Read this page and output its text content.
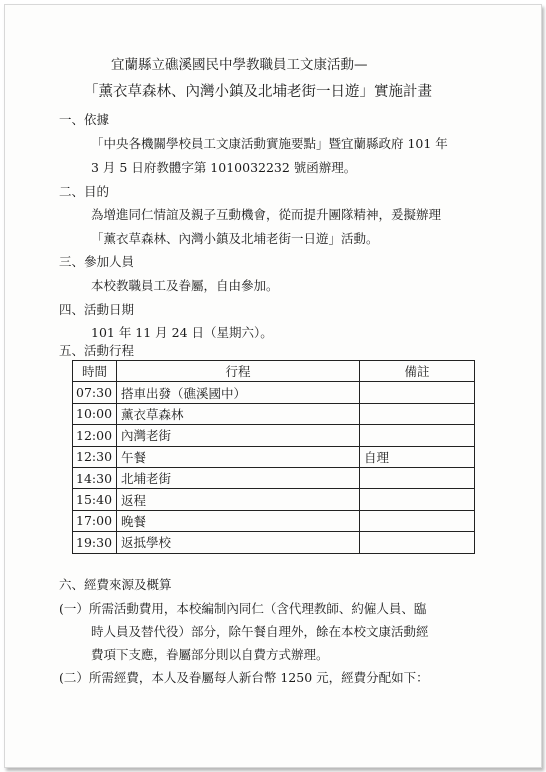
宜蘭縣立礁溪國民中學教職員工文康活動—
「薰衣草森林、內灣小鎮及北埔老街一日遊」實施計畫
一、依據
「中央各機關學校員工文康活動實施要點」暨宜蘭縣政府 101 年
3 月 5 日府教體字第 1010032232 號函辦理。
二、目的
為增進同仁情誼及親子互動機會，從而提升團隊精神，爰擬辦理
「薰衣草森林、內灣小鎮及北埔老街一日遊」活動。
三、參加人員
本校教職員工及眷屬，自由參加。
四、活動日期
101 年 11 月 24 日（星期六）。
五、活動行程
時間	行程	備註
07:30	搭車出發（礁溪國中）	
10:00	薰衣草森林	
12:00	內灣老街	
12:30	午餐	自理
14:30	北埔老街	
15:40	返程	
17:00	晚餐	
19:30	返抵學校	
六、經費來源及概算
(一）所需活動費用，本校編制內同仁（含代理教師、約僱人員、臨
時人員及替代役）部分，除午餐自理外，餘在本校文康活動經
費項下支應，眷屬部分則以自費方式辦理。
(二）所需經費，本人及眷屬每人新台幣 1250 元，經費分配如下：
